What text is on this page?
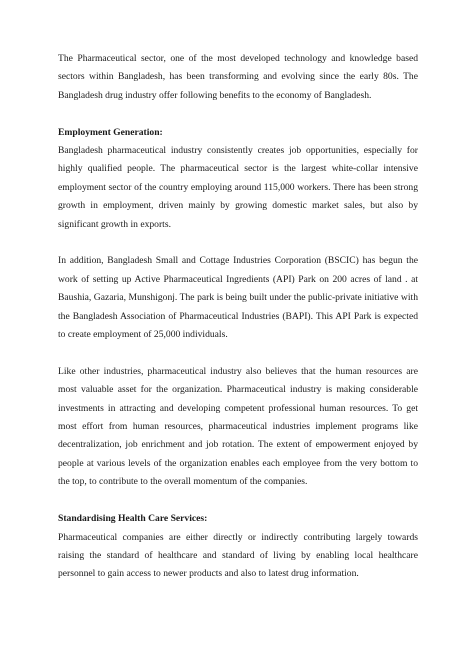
The Pharmaceutical sector, one of the most developed technology and knowledge based sectors within Bangladesh, has been transforming and evolving since the early 80s. The Bangladesh drug industry offer following benefits to the economy of Bangladesh.

Employment Generation:

Bangladesh pharmaceutical industry consistently creates job opportunities, especially for highly qualified people. The pharmaceutical sector is the largest white-collar intensive employment sector of the country employing around 115,000 workers. There has been strong growth in employment, driven mainly by growing domestic market sales, but also by significant growth in exports.

In addition, Bangladesh Small and Cottage Industries Corporation (BSCIC) has begun the work of setting up Active Pharmaceutical Ingredients (API) Park on 200 acres of land . at Baushia, Gazaria, Munshigonj. The park is being built under the public-private initiative with the Bangladesh Association of Pharmaceutical Industries (BAPI). This API Park is expected to create employment of 25,000 individuals.

Like other industries, pharmaceutical industry also believes that the human resources are most valuable asset for the organization. Pharmaceutical industry is making considerable investments in attracting and developing competent professional human resources. To get most effort from human resources, pharmaceutical industries implement programs like decentralization, job enrichment and job rotation. The extent of empowerment enjoyed by people at various levels of the organization enables each employee from the very bottom to the top, to contribute to the overall momentum of the companies.

Standardising Health Care Services:

Pharmaceutical companies are either directly or indirectly contributing largely towards raising the standard of healthcare and standard of living by enabling local healthcare personnel to gain access to newer products and also to latest drug information.
